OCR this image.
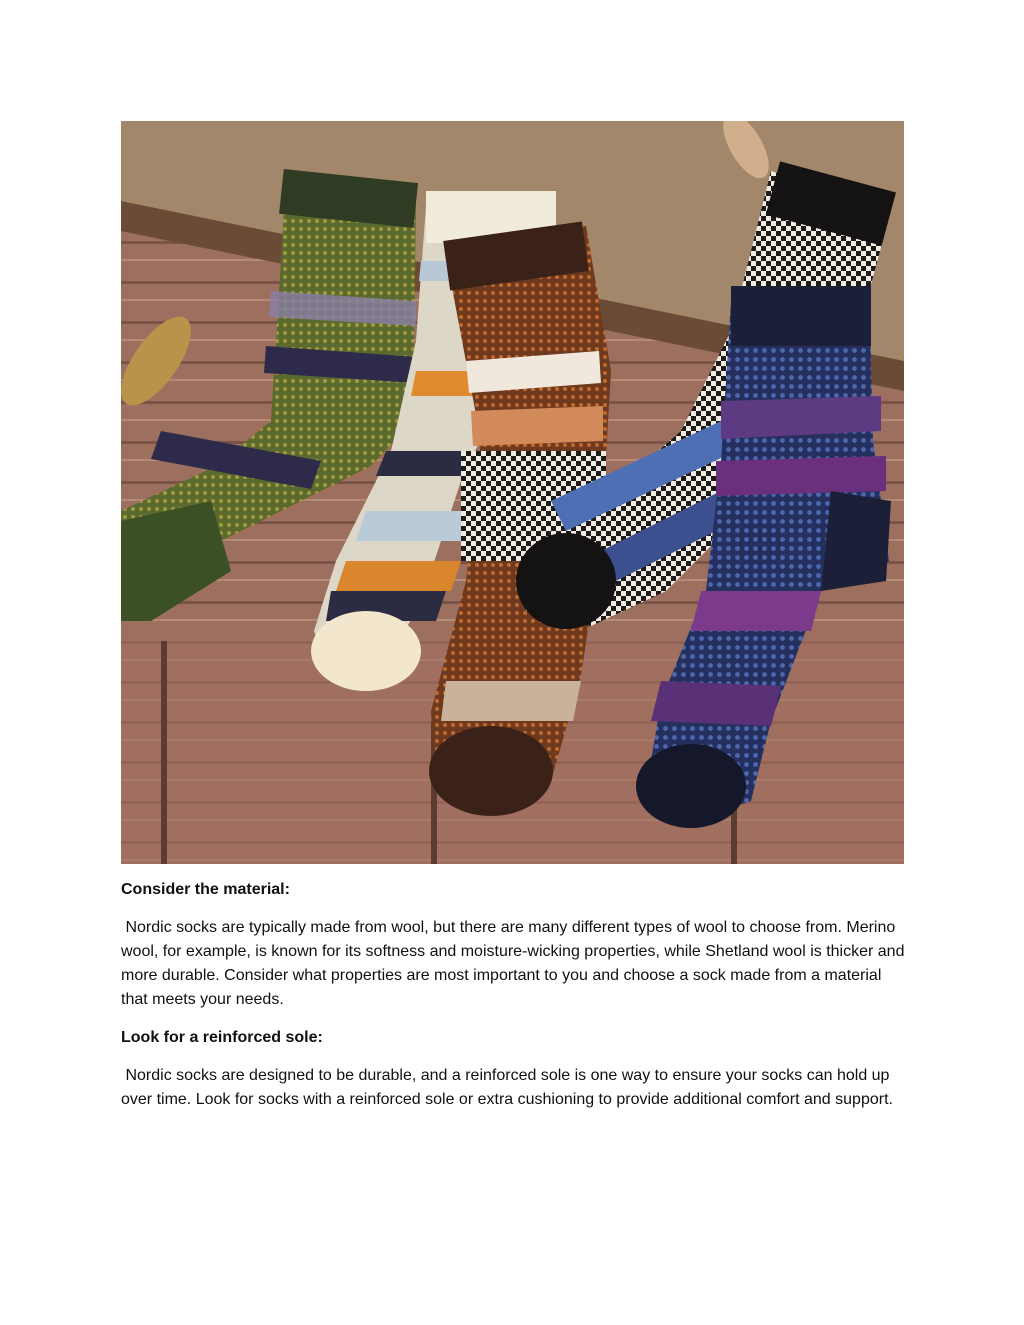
Consider the material:

Nordic socks are typically made from wool, but there are many different types of wool to choose from. Merino wool, for example, is known for its softness and moisture-wicking properties, while Shetland wool is thicker and more durable. Consider what properties are most important to you and choose a sock made from a material that meets your needs.

Look for a reinforced sole:

Nordic socks are designed to be durable, and a reinforced sole is one way to ensure your socks can hold up over time. Look for socks with a reinforced sole or extra cushioning to provide additional comfort and support.
